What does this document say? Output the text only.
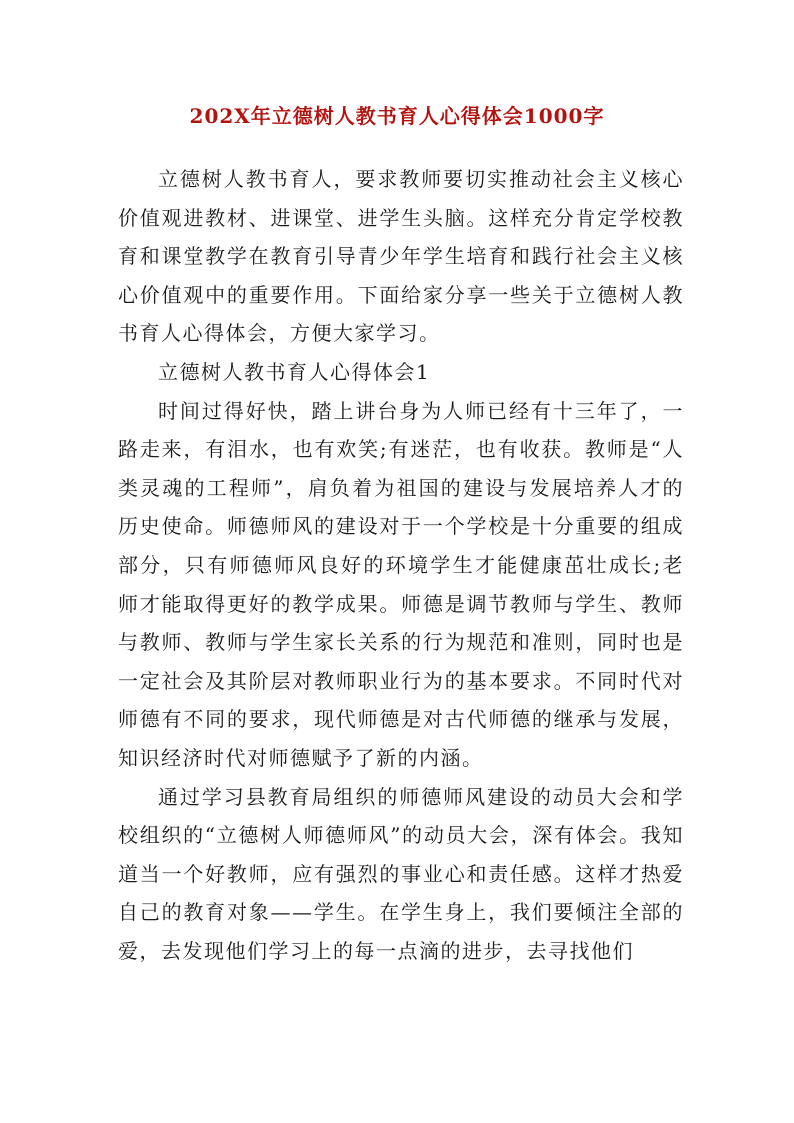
202X年立德树人教书育人心得体会1000字

立德树人教书育人，要求教师要切实推动社会主义核心价值观进教材、进课堂、进学生头脑。这样充分肯定学校教育和课堂教学在教育引导青少年学生培育和践行社会主义核心价值观中的重要作用。下面给家分享一些关于立德树人教书育人心得体会，方便大家学习。

立德树人教书育人心得体会1

时间过得好快，踏上讲台身为人师已经有十三年了，一路走来，有泪水，也有欢笑;有迷茫，也有收获。教师是“人类灵魂的工程师”，肩负着为祖国的建设与发展培养人才的历史使命。师德师风的建设对于一个学校是十分重要的组成部分，只有师德师风良好的环境学生才能健康茁壮成长;老师才能取得更好的教学成果。师德是调节教师与学生、教师与教师、教师与学生家长关系的行为规范和准则，同时也是一定社会及其阶层对教师职业行为的基本要求。不同时代对师德有不同的要求，现代师德是对古代师德的继承与发展，知识经济时代对师德赋予了新的内涵。

通过学习县教育局组织的师德师风建设的动员大会和学校组织的“立德树人师德师风”的动员大会，深有体会。我知道当一个好教师，应有强烈的事业心和责任感。这样才热爱自己的教育对象——学生。在学生身上，我们要倾注全部的爱，去发现他们学习上的每一点滴的进步，去寻找他们
